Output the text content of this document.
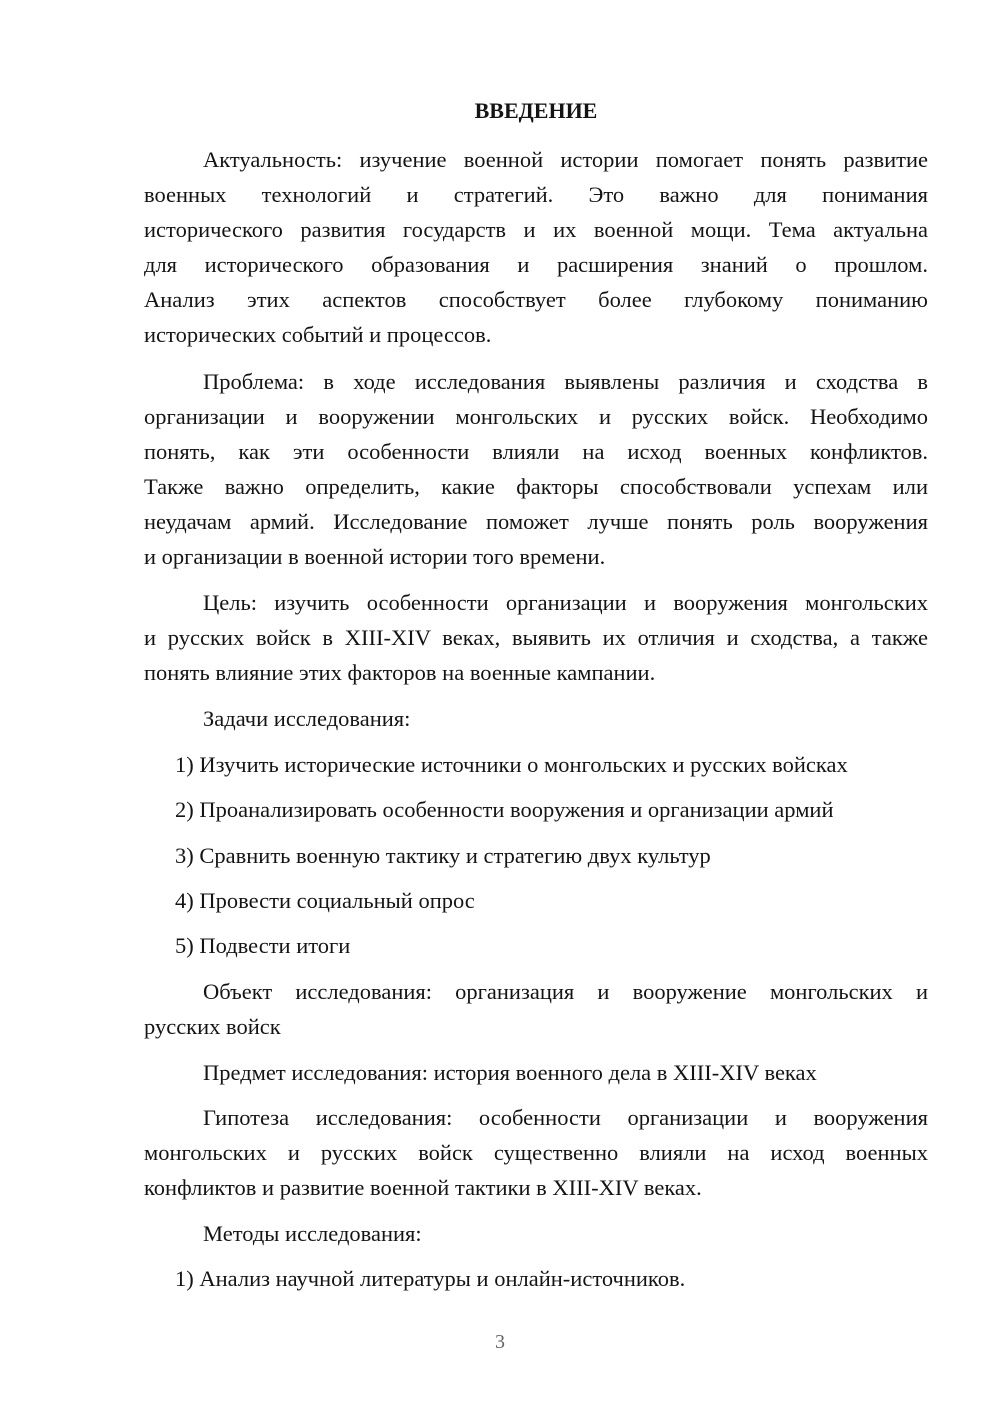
ВВЕДЕНИЕ
Актуальность: изучение военной истории помогает понять развитие
военных технологий и стратегий. Это важно для понимания
исторического развития государств и их военной мощи. Тема актуальна
для исторического образования и расширения знаний о прошлом.
Анализ этих аспектов способствует более глубокому пониманию
исторических событий и процессов.
Проблема: в ходе исследования выявлены различия и сходства в
организации и вооружении монгольских и русских войск. Необходимо
понять, как эти особенности влияли на исход военных конфликтов.
Также важно определить, какие факторы способствовали успехам или
неудачам армий. Исследование поможет лучше понять роль вооружения
и организации в военной истории того времени.
Цель: изучить особенности организации и вооружения монгольских
и русских войск в XIII-XIV веках, выявить их отличия и сходства, а также
понять влияние этих факторов на военные кампании.
Задачи исследования:
1) Изучить исторические источники о монгольских и русских войсках
2) Проанализировать особенности вооружения и организации армий
3) Сравнить военную тактику и стратегию двух культур
4) Провести социальный опрос
5) Подвести итоги
Объект исследования: организация и вооружение монгольских и
русских войск
Предмет исследования: история военного дела в XIII-XIV веках
Гипотеза исследования: особенности организации и вооружения
монгольских и русских войск существенно влияли на исход военных
конфликтов и развитие военной тактики в XIII-XIV веках.
Методы исследования:
1) Анализ научной литературы и онлайн-источников.
3
